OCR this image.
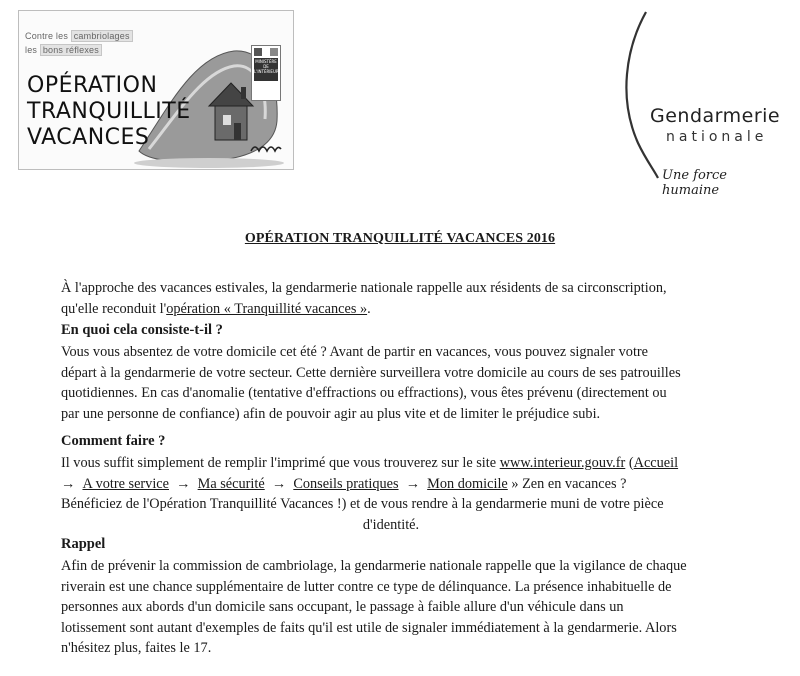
Contre les cambriolages
les bons réflexes
OPÉRATION
TRANQUILLITÉ
VACANCES
MINISTÈRE DE L'INTÉRIEUR
Gendarmerie
nationale
Une force humaine
OPÉRATION TRANQUILLITÉ VACANCES 2016

À l'approche des vacances estivales, la gendarmerie nationale rappelle aux résidents de sa circonscription,
qu'elle reconduit l'opération « Tranquillité vacances ».

En quoi cela consiste-t-il ?

Vous vous absentez de votre domicile cet été ? Avant de partir en vacances, vous pouvez signaler votre
départ à la gendarmerie de votre secteur. Cette dernière surveillera votre domicile au cours de ses patrouilles
quotidiennes. En cas d'anomalie (tentative d'effractions ou effractions), vous êtes prévenu (directement ou
par une personne de confiance) afin de pouvoir agir au plus vite et de limiter le préjudice subi.

Comment faire ?

Il vous suffit simplement de remplir l'imprimé que vous trouverez sur le site www.interieur.gouv.fr (Accueil
→ A votre service → Ma sécurité → Conseils pratiques → Mon domicile » Zen en vacances ?
Bénéficiez de l'Opération Tranquillité Vacances !) et de vous rendre à la gendarmerie muni de votre pièce

d'identité.

Rappel

Afin de prévenir la commission de cambriolage, la gendarmerie nationale rappelle que la vigilance de chaque
riverain est une chance supplémentaire de lutter contre ce type de délinquance. La présence inhabituelle de
personnes aux abords d'un domicile sans occupant, le passage à faible allure d'un véhicule dans un
lotissement sont autant d'exemples de faits qu'il est utile de signaler immédiatement à la gendarmerie. Alors
n'hésitez plus, faites le 17.
